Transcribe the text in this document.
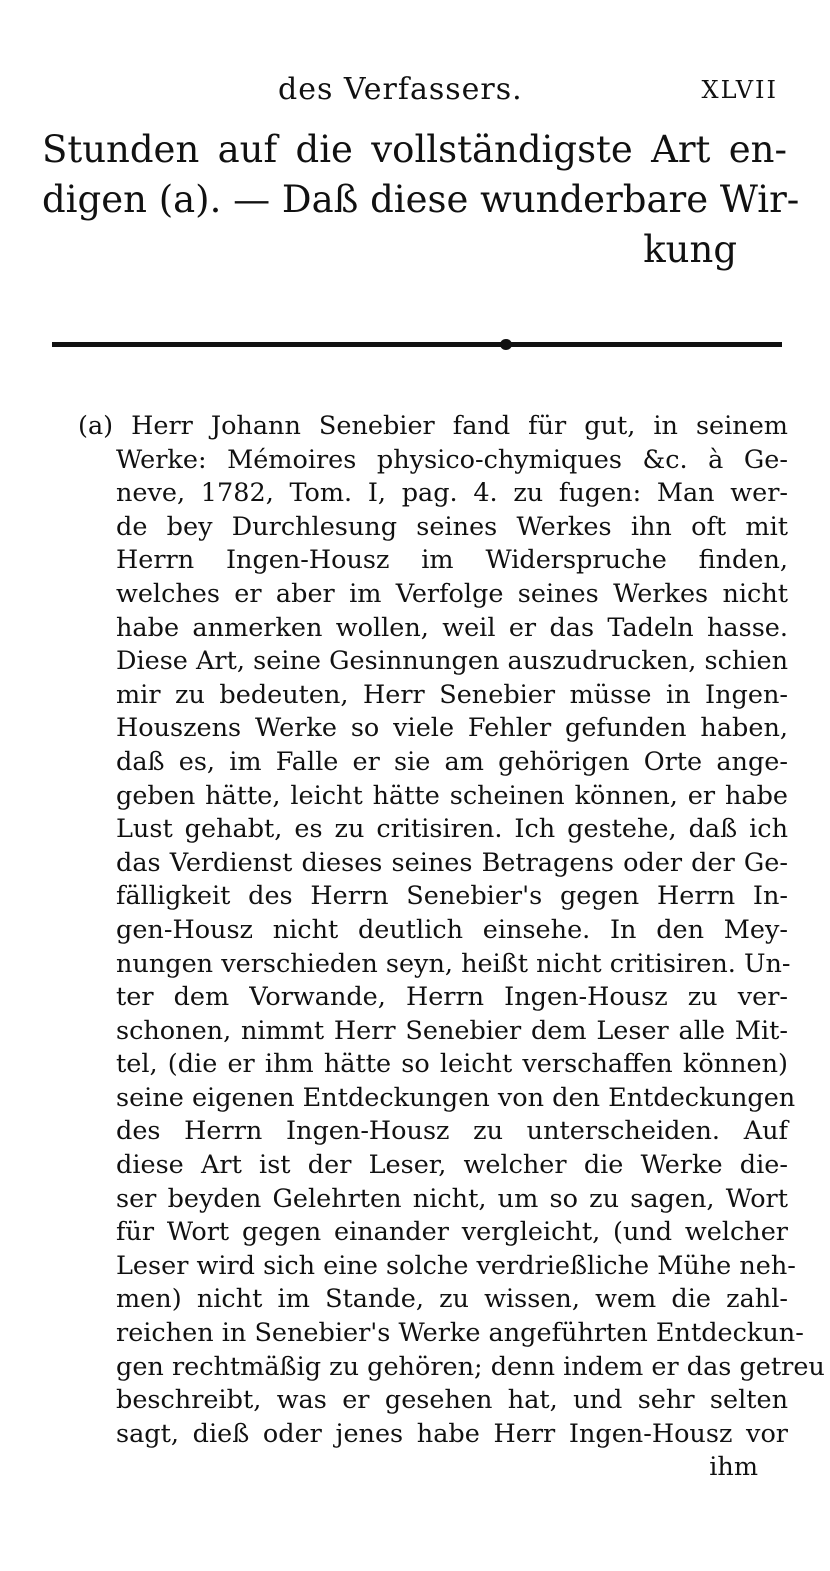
des Verfassers.	XLVII
Stunden auf die vollständigste Art en-
digen (a). — Daß diese wunderbare Wir-
kung
(a) Herr Johann Senebier fand für gut, in seinem
Werke: Mémoires physico-chymiques &c. à Ge-
neve, 1782, Tom. I, pag. 4. zu fugen: Man wer-
de bey Durchlesung seines Werkes ihn oft mit
Herrn Ingen-Housz im Widerspruche finden,
welches er aber im Verfolge seines Werkes nicht
habe anmerken wollen, weil er das Tadeln hasse.
Diese Art, seine Gesinnungen auszudrucken, schien
mir zu bedeuten, Herr Senebier müsse in Ingen-
Houszens Werke so viele Fehler gefunden haben,
daß es, im Falle er sie am gehörigen Orte ange-
geben hätte, leicht hätte scheinen können, er habe
Lust gehabt, es zu critisiren. Ich gestehe, daß ich
das Verdienst dieses seines Betragens oder der Ge-
fälligkeit des Herrn Senebier's gegen Herrn In-
gen-Housz nicht deutlich einsehe. In den Mey-
nungen verschieden seyn, heißt nicht critisiren. Un-
ter dem Vorwande, Herrn Ingen-Housz zu ver-
schonen, nimmt Herr Senebier dem Leser alle Mit-
tel, (die er ihm hätte so leicht verschaffen können)
seine eigenen Entdeckungen von den Entdeckungen
des Herrn Ingen-Housz zu unterscheiden. Auf
diese Art ist der Leser, welcher die Werke die-
ser beyden Gelehrten nicht, um so zu sagen, Wort
für Wort gegen einander vergleicht, (und welcher
Leser wird sich eine solche verdrießliche Mühe neh-
men) nicht im Stande, zu wissen, wem die zahl-
reichen in Senebier's Werke angeführten Entdeckun-
gen rechtmäßig zu gehören; denn indem er das getreu
beschreibt, was er gesehen hat, und sehr selten
sagt, dieß oder jenes habe Herr Ingen-Housz vor
ihm
